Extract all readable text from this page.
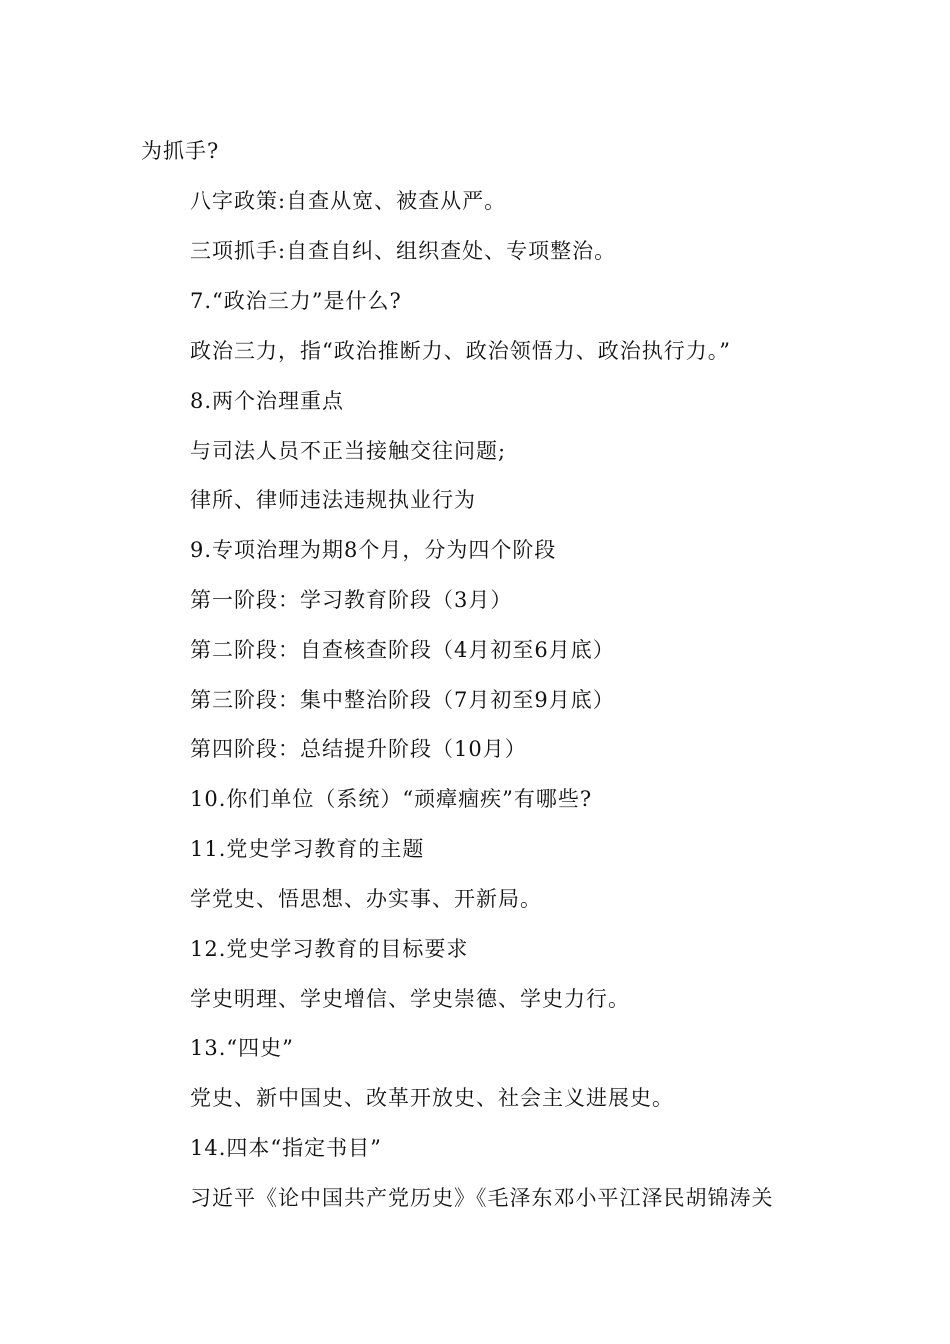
为抓手?
八字政策:自查从宽、被查从严。
三项抓手:自查自纠、组织查处、专项整治。
7.“政治三力”是什么?
政治三力，指“政治推断力、政治领悟力、政治执行力。”
8.两个治理重点
与司法人员不正当接触交往问题;
律所、律师违法违规执业行为
9.专项治理为期8个月，分为四个阶段
第一阶段：学习教育阶段（3月）
第二阶段：自查核查阶段（4月初至6月底）
第三阶段：集中整治阶段（7月初至9月底）
第四阶段：总结提升阶段（10月）
10.你们单位（系统）“顽瘴痼疾”有哪些?
11.党史学习教育的主题
学党史、悟思想、办实事、开新局。
12.党史学习教育的目标要求
学史明理、学史增信、学史崇德、学史力行。
13.“四史”
党史、新中国史、改革开放史、社会主义进展史。
14.四本“指定书目”
习近平《论中国共产党历史》《毛泽东邓小平江泽民胡锦涛关
